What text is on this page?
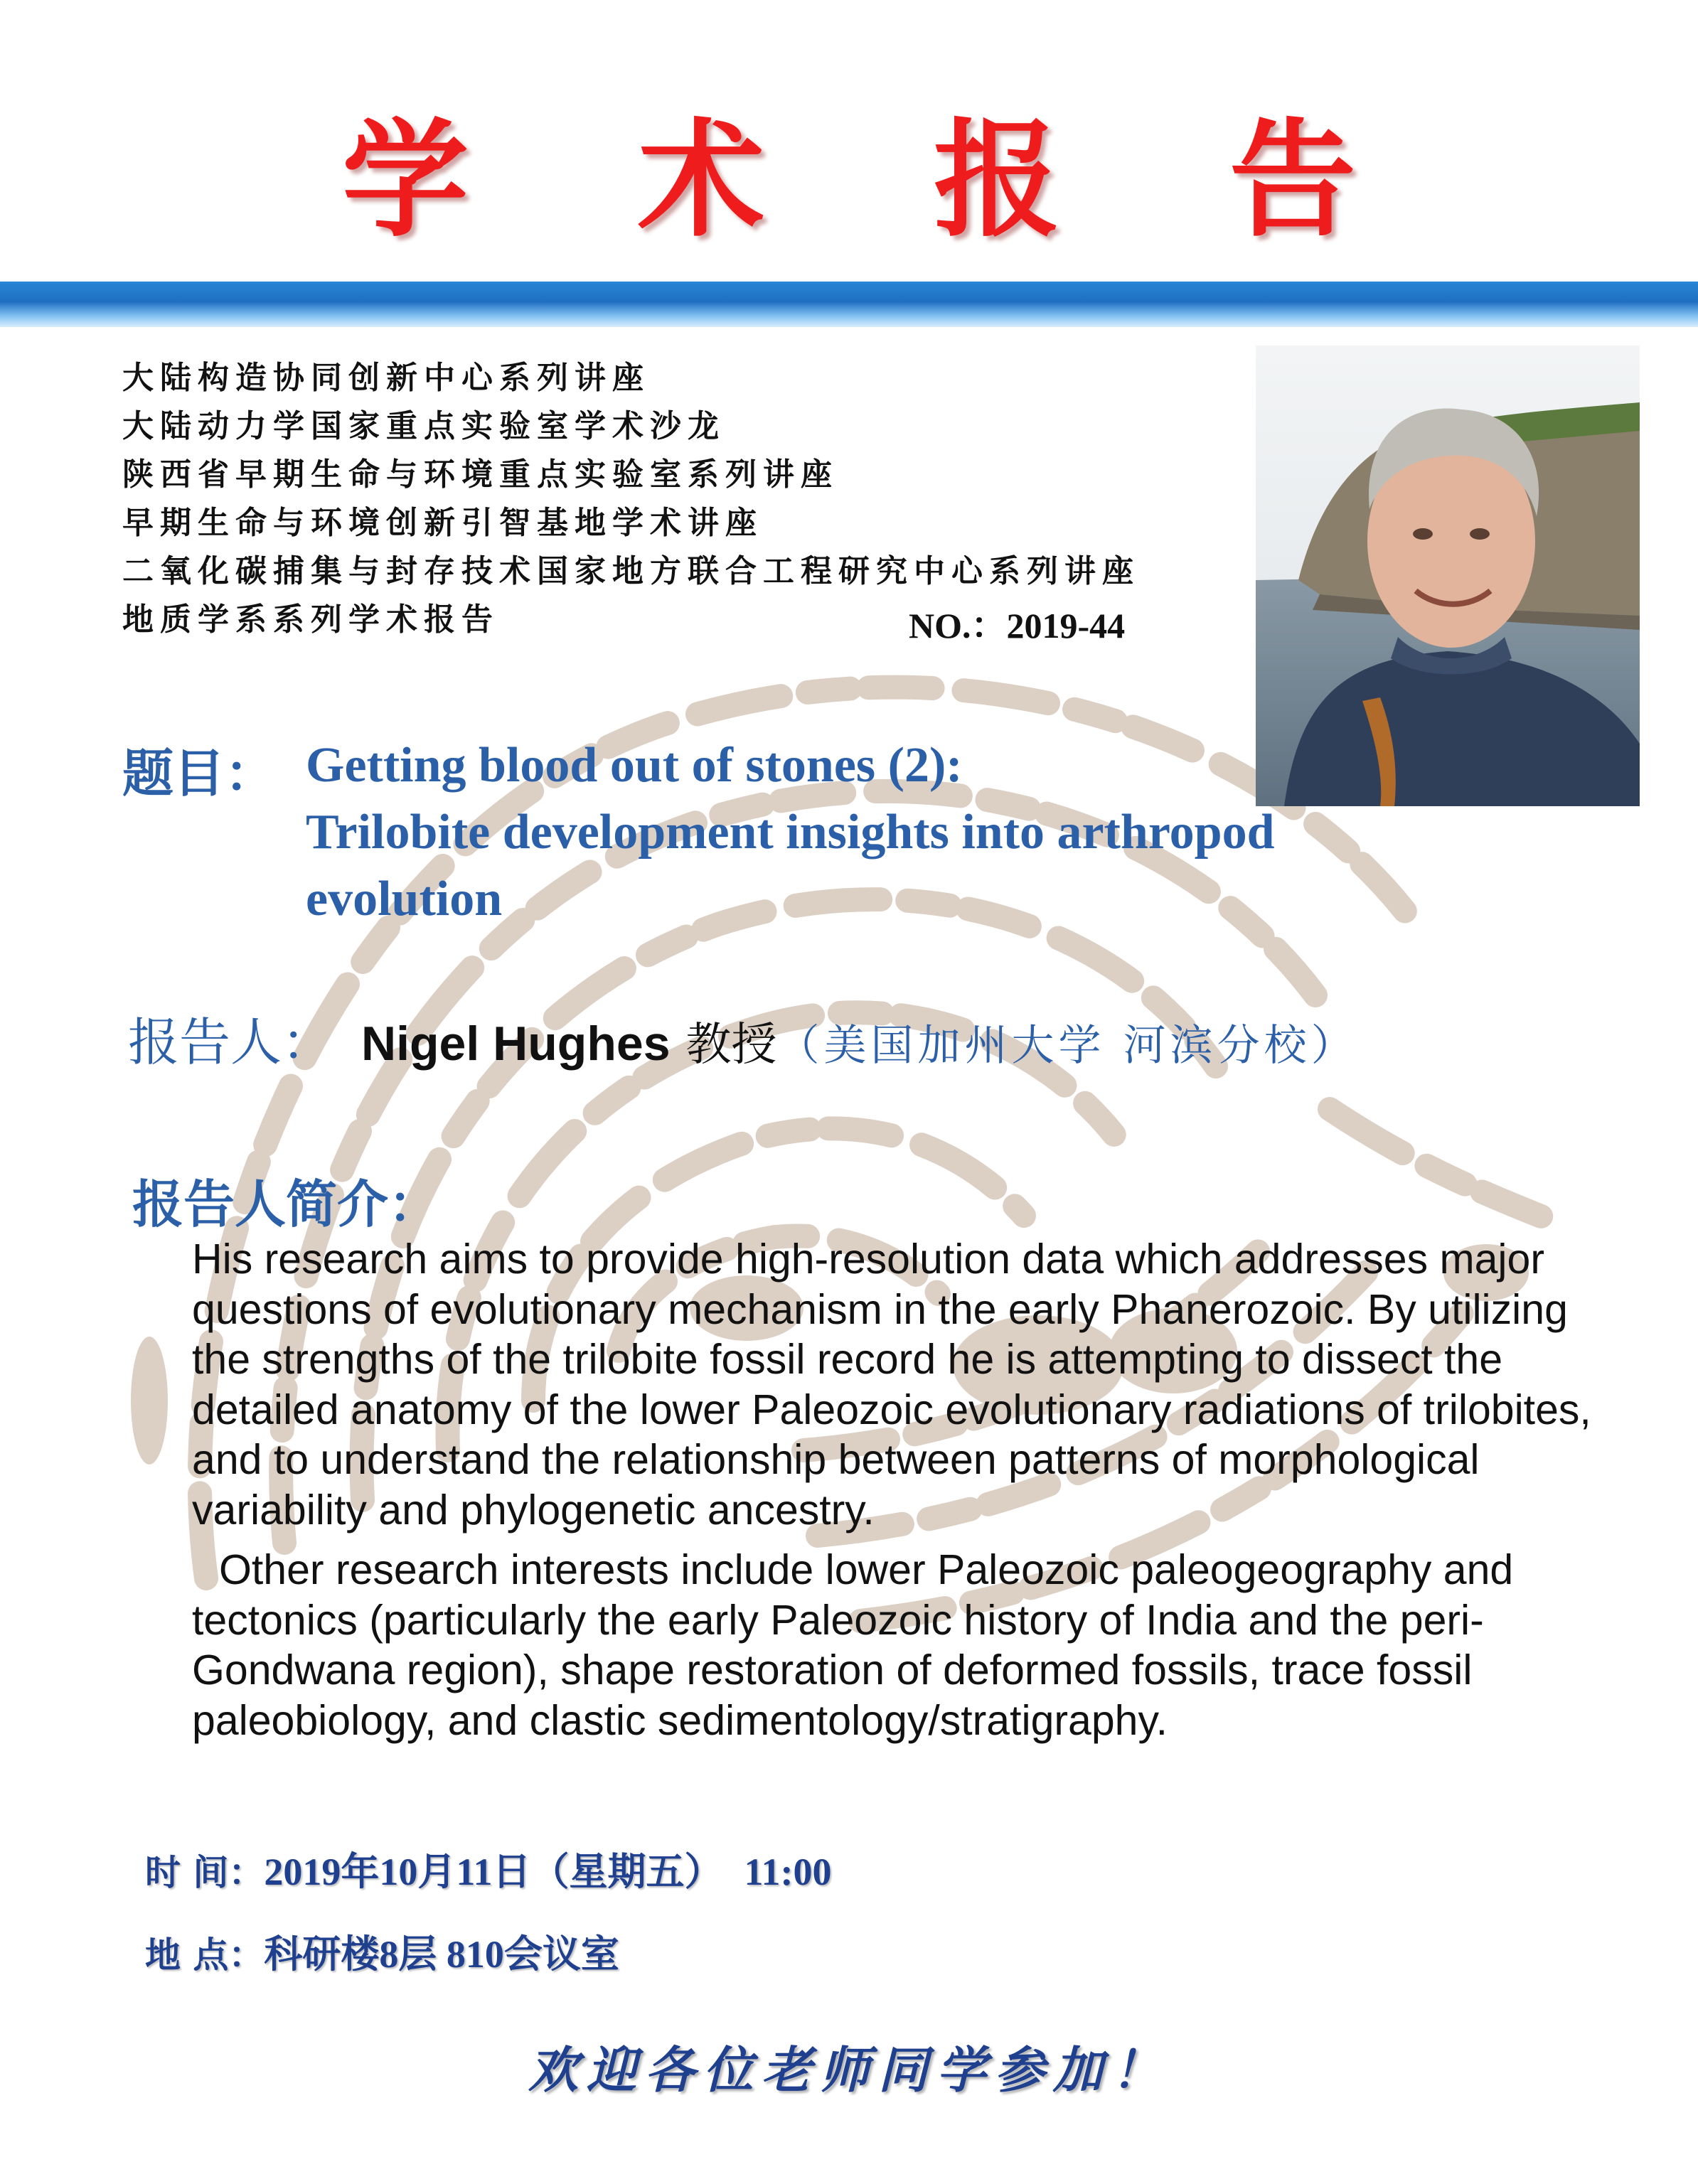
学 术 报 告
大陆构造协同创新中心系列讲座
大陆动力学国家重点实验室学术沙龙
陕西省早期生命与环境重点实验室系列讲座
早期生命与环境创新引智基地学术讲座
二氧化碳捕集与封存技术国家地方联合工程研究中心系列讲座
地质学系系列学术报告	NO.：2019-44
题目： Getting blood out of stones (2):
Trilobite development insights into arthropod
evolution
报告人： Nigel Hughes 教授（美国加州大学 河滨分校）
报告人简介：

His research aims to provide high-resolution data which addresses major questions of evolutionary mechanism in the early Phanerozoic. By utilizing the strengths of the trilobite fossil record he is attempting to dissect the detailed anatomy of the lower Paleozoic evolutionary radiations of trilobites, and to understand the relationship between patterns of morphological variability and phylogenetic ancestry.

Other research interests include lower Paleozoic paleogeography and tectonics (particularly the early Paleozoic history of India and the peri-Gondwana region), shape restoration of deformed fossils, trace fossil paleobiology, and clastic sedimentology/stratigraphy.

时 间：2019年10月11日（星期五） 11:00
地 点：科研楼8层 810会议室
欢迎各位老师同学参加！
